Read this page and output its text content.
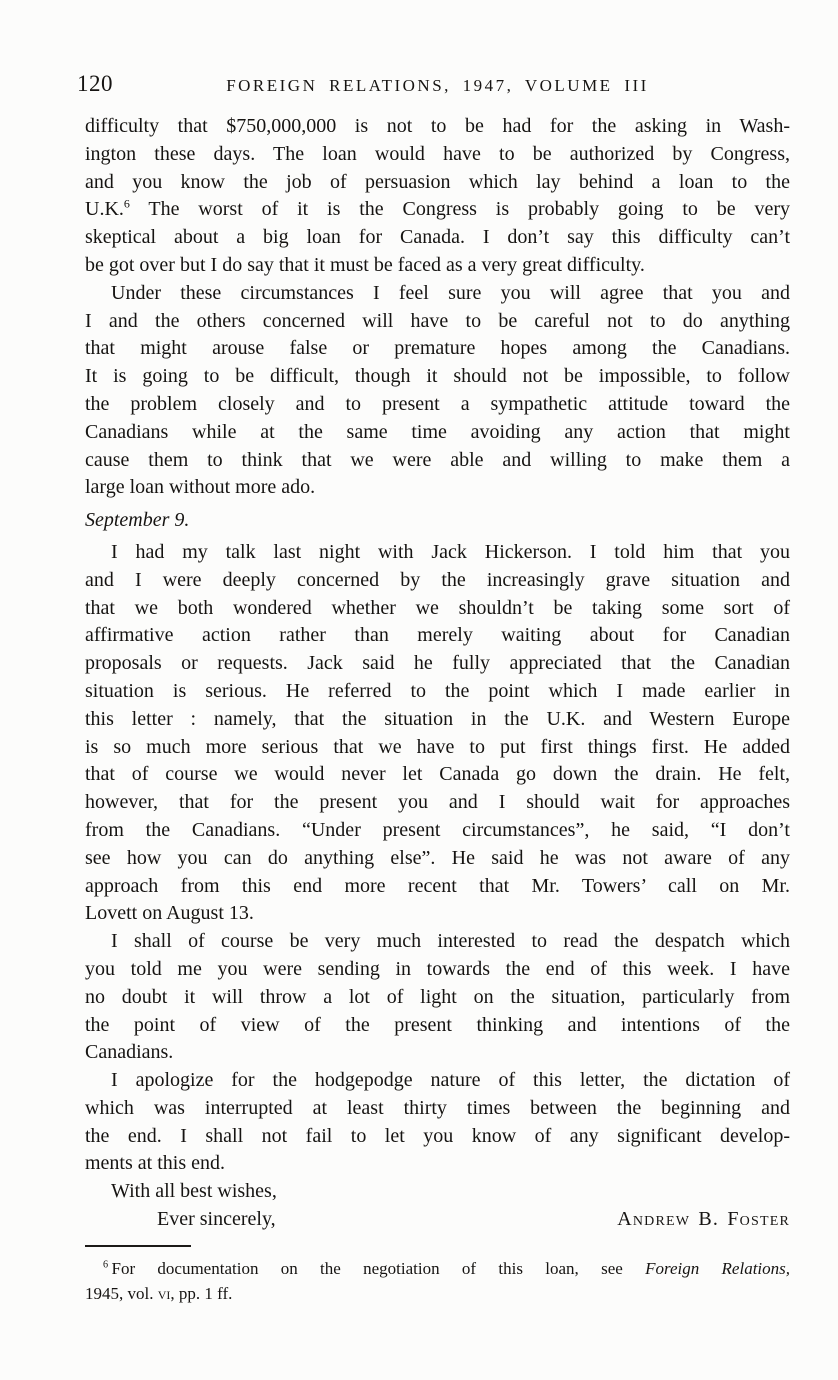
120	FOREIGN RELATIONS, 1947, VOLUME III
difficulty that $750,000,000 is not to be had for the asking in Wash-
ington these days. The loan would have to be authorized by Congress,
and you know the job of persuasion which lay behind a loan to the
U.K.$^6$ The worst of it is the Congress is probably going to be very
skeptical about a big loan for Canada. I don’t say this difficulty can’t
be got over but I do say that it must be faced as a very great difficulty.
Under these circumstances I feel sure you will agree that you and
I and the others concerned will have to be careful not to do anything
that might arouse false or premature hopes among the Canadians.
It is going to be difficult, though it should not be impossible, to follow
the problem closely and to present a sympathetic attitude toward the
Canadians while at the same time avoiding any action that might
cause them to think that we were able and willing to make them a
large loan without more ado.
September 9.
I had my talk last night with Jack Hickerson. I told him that you
and I were deeply concerned by the increasingly grave situation and
that we both wondered whether we shouldn’t be taking some sort of
affirmative action rather than merely waiting about for Canadian
proposals or requests. Jack said he fully appreciated that the Canadian
situation is serious. He referred to the point which I made earlier in
this letter : namely, that the situation in the U.K. and Western Europe
is so much more serious that we have to put first things first. He added
that of course we would never let Canada go down the drain. He felt,
however, that for the present you and I should wait for approaches
from the Canadians. “Under present circumstances”, he said, “I don’t
see how you can do anything else”. He said he was not aware of any
approach from this end more recent that Mr. Towers’ call on Mr.
Lovett on August 13.
I shall of course be very much interested to read the despatch which
you told me you were sending in towards the end of this week. I have
no doubt it will throw a lot of light on the situation, particularly from
the point of view of the present thinking and intentions of the
Canadians.
I apologize for the hodgepodge nature of this letter, the dictation of
which was interrupted at least thirty times between the beginning and
the end. I shall not fail to let you know of any significant develop-
ments at this end.
With all best wishes,
Ever sincerely,	Andrew B. Foster
$^6$ For documentation on the negotiation of this loan, see Foreign Relations,
1945, vol. vi, pp. 1 ff.
